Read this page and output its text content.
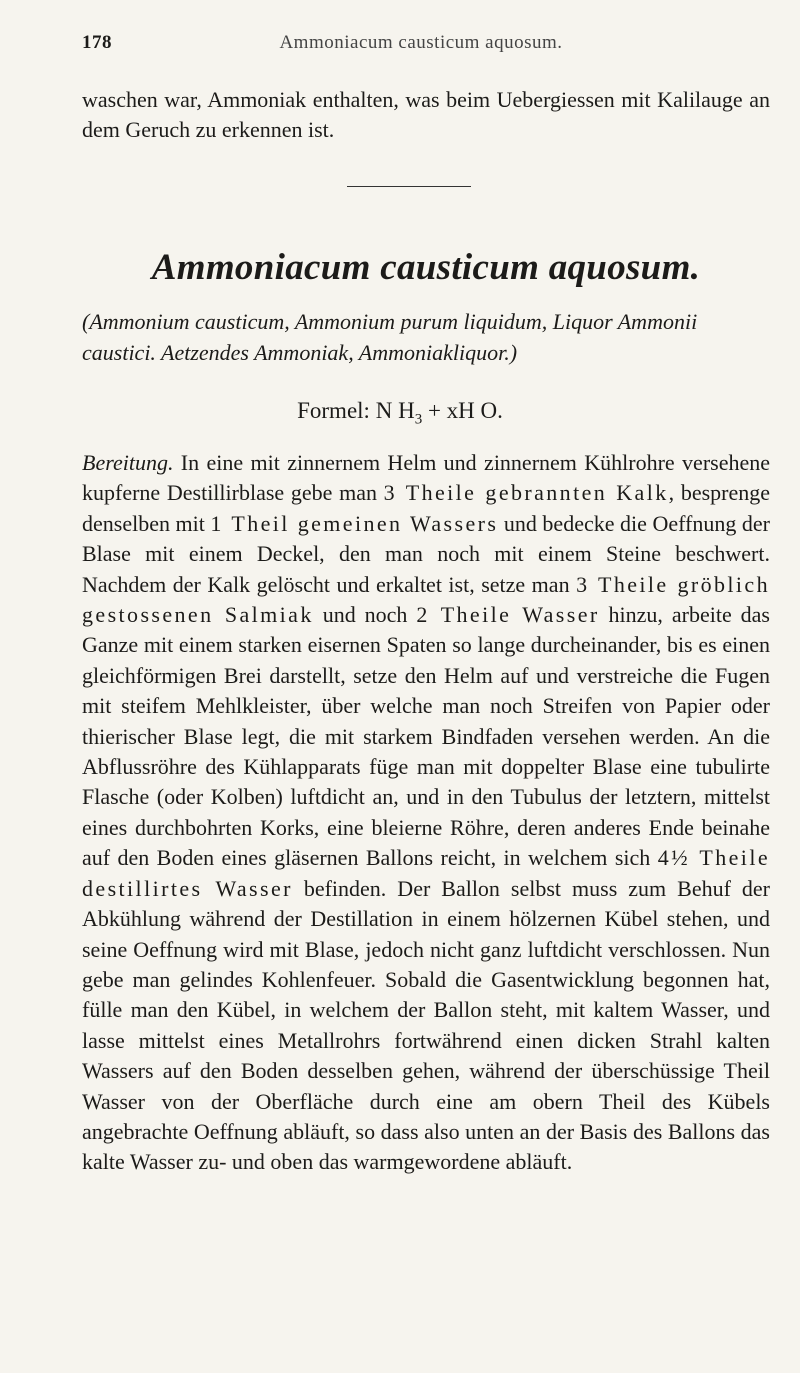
178	Ammoniacum causticum aquosum.
waschen war, Ammoniak enthalten, was beim Uebergiessen mit Kalilauge an dem Geruch zu erkennen ist.
Ammoniacum causticum aquosum.
(Ammonium causticum, Ammonium purum liquidum, Liquor Ammonii caustici. Aetzendes Ammoniak, Ammoniakliquor.)
Formel: N $H_3$ + xH O.
Bereitung. In eine mit zinnernem Helm und zinnernem Kühlrohre versehene kupferne Destillirblase gebe man 3 Theile gebrannten Kalk, besprenge denselben mit 1 Theil gemeinen Wassers und bedecke die Oeffnung der Blase mit einem Deckel, den man noch mit einem Steine beschwert. Nachdem der Kalk gelöscht und erkaltet ist, setze man 3 Theile gröblich gestossenen Salmiak und noch 2 Theile Wasser hinzu, arbeite das Ganze mit einem starken eisernen Spaten so lange durcheinander, bis es einen gleichförmigen Brei darstellt, setze den Helm auf und verstreiche die Fugen mit steifem Mehlkleister, über welche man noch Streifen von Papier oder thierischer Blase legt, die mit starkem Bindfaden versehen werden. An die Abflussröhre des Kühlapparats füge man mit doppelter Blase eine tubulirte Flasche (oder Kolben) luftdicht an, und in den Tubulus der letztern, mittelst eines durchbohrten Korks, eine bleierne Röhre, deren anderes Ende beinahe auf den Boden eines gläsernen Ballons reicht, in welchem sich 4½ Theile destillirtes Wasser befinden. Der Ballon selbst muss zum Behuf der Abkühlung während der Destillation in einem hölzernen Kübel stehen, und seine Oeffnung wird mit Blase, jedoch nicht ganz luftdicht verschlossen. Nun gebe man gelindes Kohlenfeuer. Sobald die Gasentwicklung begonnen hat, fülle man den Kübel, in welchem der Ballon steht, mit kaltem Wasser, und lasse mittelst eines Metallrohrs fortwährend einen dicken Strahl kalten Wassers auf den Boden desselben gehen, während der überschüssige Theil Wasser von der Oberfläche durch eine am obern Theil des Kübels angebrachte Oeffnung abläuft, so dass also unten an der Basis des Ballons das kalte Wasser zu- und oben das warmgewordene abläuft.
